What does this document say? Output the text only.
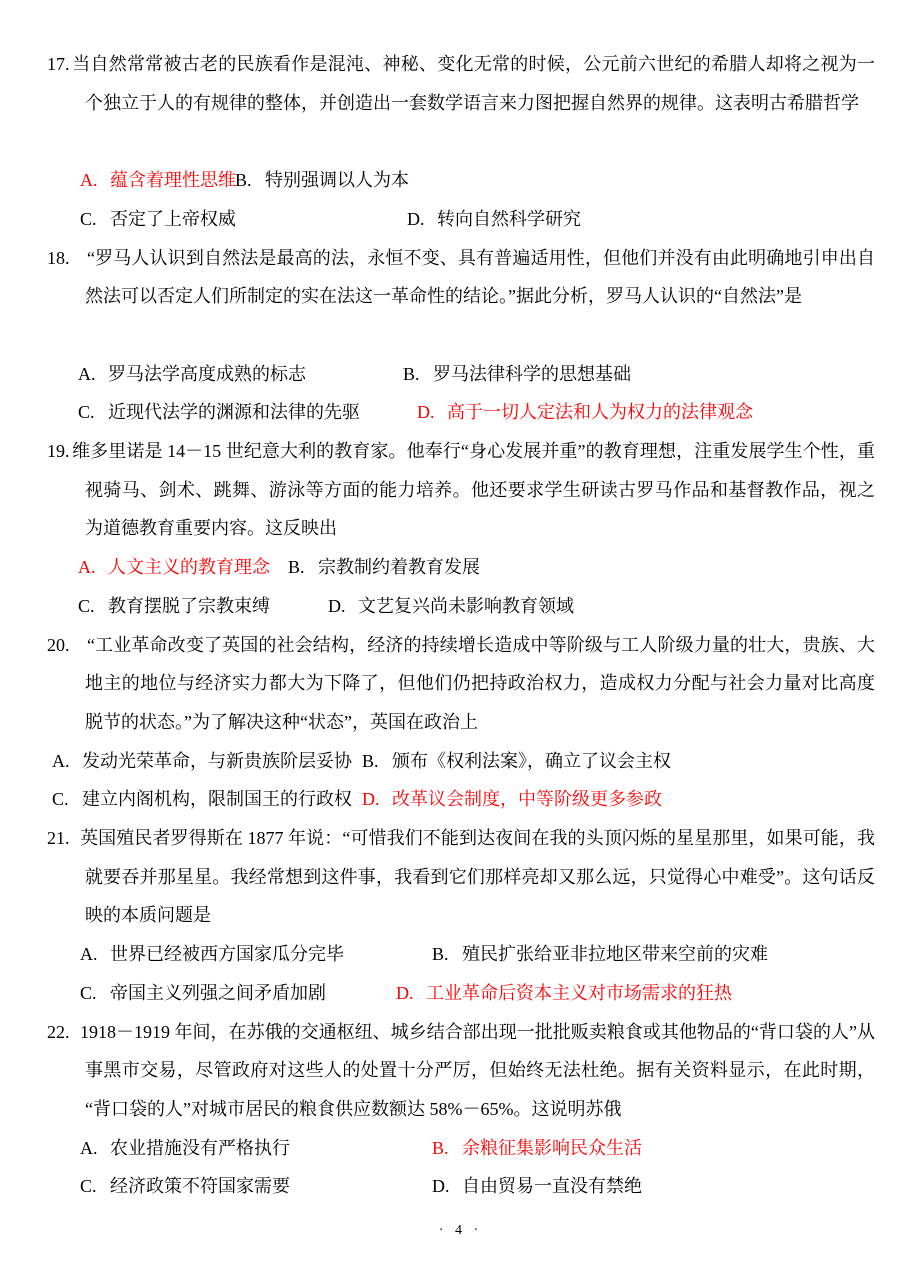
17. 当自然常常被古老的民族看作是混沌、神秘、变化无常的时候，公元前六世纪的希腊人却将之视为一个独立于人的有规律的整体，并创造出一套数学语言来力图把握自然界的规律。这表明古希腊哲学

A. 蕴含着理性思维 B. 特别强调以人为本
C. 否定了上帝权威	D. 转向自然科学研究

18. “罗马人认识到自然法是最高的法，永恒不变、具有普遍适用性，但他们并没有由此明确地引申出自然法可以否定人们所制定的实在法这一革命性的结论。”据此分析，罗马人认识的“自然法”是

A. 罗马法学高度成熟的标志	B. 罗马法律科学的思想基础
C. 近现代法学的渊源和法律的先驱	D. 高于一切人定法和人为权力的法律观念

19. 维多里诺是 14－15 世纪意大利的教育家。他奉行“身心发展并重”的教育理想，注重发展学生个性，重视骑马、剑术、跳舞、游泳等方面的能力培养。他还要求学生研读古罗马作品和基督教作品，视之为道德教育重要内容。这反映出

A. 人文主义的教育理念 B. 宗教制约着教育发展
C. 教育摆脱了宗教束缚	D. 文艺复兴尚未影响教育领域

20. “工业革命改变了英国的社会结构，经济的持续增长造成中等阶级与工人阶级力量的壮大，贵族、大地主的地位与经济实力都大为下降了，但他们仍把持政治权力，造成权力分配与社会力量对比高度脱节的状态。”为了解决这种“状态”，英国在政治上

A. 发动光荣革命，与新贵族阶层妥协 B. 颁布《权利法案》，确立了议会主权
C. 建立内阁机构，限制国王的行政权 D. 改革议会制度，中等阶级更多参政

21. 英国殖民者罗得斯在 1877 年说：“可惜我们不能到达夜间在我的头顶闪烁的星星那里，如果可能，我就要吞并那星星。我经常想到这件事，我看到它们那样亮却又那么远，只觉得心中难受”。这句话反映的本质问题是

A. 世界已经被西方国家瓜分完毕	B. 殖民扩张给亚非拉地区带来空前的灾难
C. 帝国主义列强之间矛盾加剧	D. 工业革命后资本主义对市场需求的狂热

22. 1918－1919 年间，在苏俄的交通枢纽、城乡结合部出现一批批贩卖粮食或其他物品的“背口袋的人”从事黑市交易，尽管政府对这些人的处置十分严厉，但始终无法杜绝。据有关资料显示，在此时期，“背口袋的人”对城市居民的粮食供应数额达 58%－65%。这说明苏俄

A. 农业措施没有严格执行	B. 余粮征集影响民众生活
C. 经济政策不符国家需要	D. 自由贸易一直没有禁绝
· 4 ·
